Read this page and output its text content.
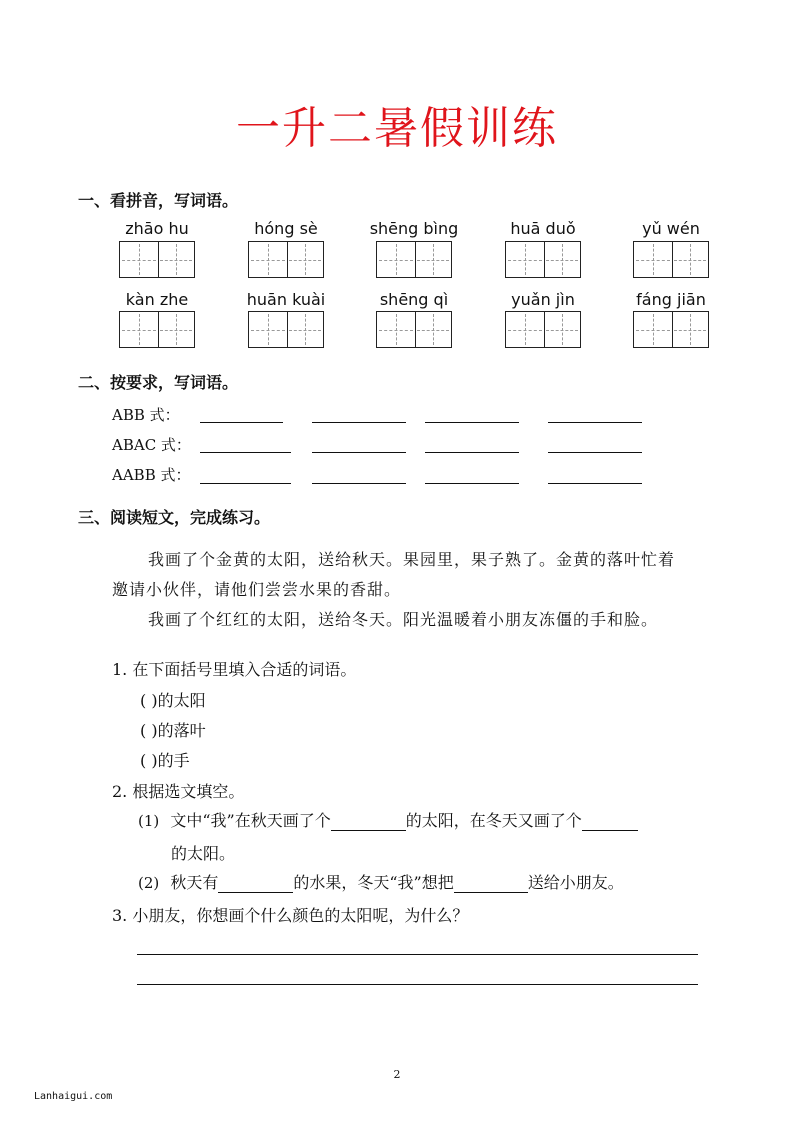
一升二暑假训练
一、看拼音，写词语。
zhāo hu	hóng sè	shēng bìng	huā duǒ	yǔ wén
kàn zhe	huān kuài	shēng qì	yuǎn jìn	fáng jiān
二、按要求，写词语。
ABB 式：
ABAC 式：
AABB 式：
三、阅读短文，完成练习。
我画了个金黄的太阳，送给秋天。果园里，果子熟了。金黄的落叶忙着
邀请小伙伴，请他们尝尝水果的香甜。
我画了个红红的太阳，送给冬天。阳光温暖着小朋友冻僵的手和脸。
1. 在下面括号里填入合适的词语。
( )的太阳
( )的落叶
( )的手
2. 根据选文填空。
(1) 文中“我”在秋天画了个	的太阳，在冬天又画了个
的太阳。
(2) 秋天有	的水果，冬天“我”想把	送给小朋友。
3. 小朋友，你想画个什么颜色的太阳呢，为什么？
2
Lanhaigui.com
